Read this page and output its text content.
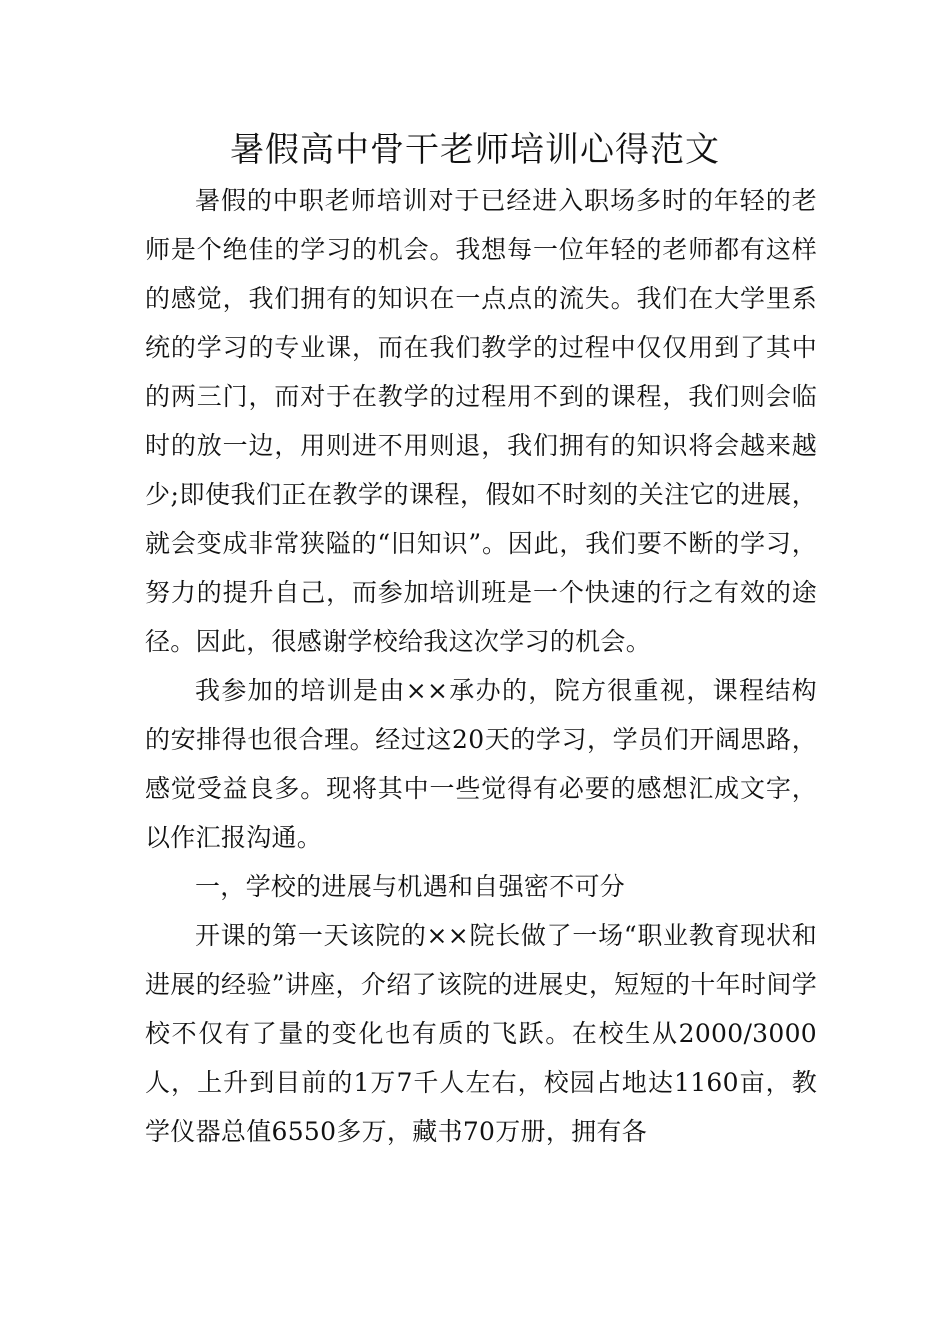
暑假高中骨干老师培训心得范文

暑假的中职老师培训对于已经进入职场多时的年轻的老师是个绝佳的学习的机会。我想每一位年轻的老师都有这样的感觉，我们拥有的知识在一点点的流失。我们在大学里系统的学习的专业课，而在我们教学的过程中仅仅用到了其中的两三门，而对于在教学的过程用不到的课程，我们则会临时的放一边，用则进不用则退，我们拥有的知识将会越来越少;即使我们正在教学的课程，假如不时刻的关注它的进展，就会变成非常狭隘的“旧知识”。因此，我们要不断的学习，努力的提升自己，而参加培训班是一个快速的行之有效的途径。因此，很感谢学校给我这次学习的机会。

我参加的培训是由××承办的，院方很重视，课程结构的安排得也很合理。经过这20天的学习，学员们开阔思路，感觉受益良多。现将其中一些觉得有必要的感想汇成文字，以作汇报沟通。

一，学校的进展与机遇和自强密不可分

开课的第一天该院的××院长做了一场“职业教育现状和进展的经验”讲座，介绍了该院的进展史，短短的十年时间学校不仅有了量的变化也有质的飞跃。在校生从2000/3000人，上升到目前的1万7千人左右，校园占地达1160亩，教学仪器总值6550多万，藏书70万册，拥有各
